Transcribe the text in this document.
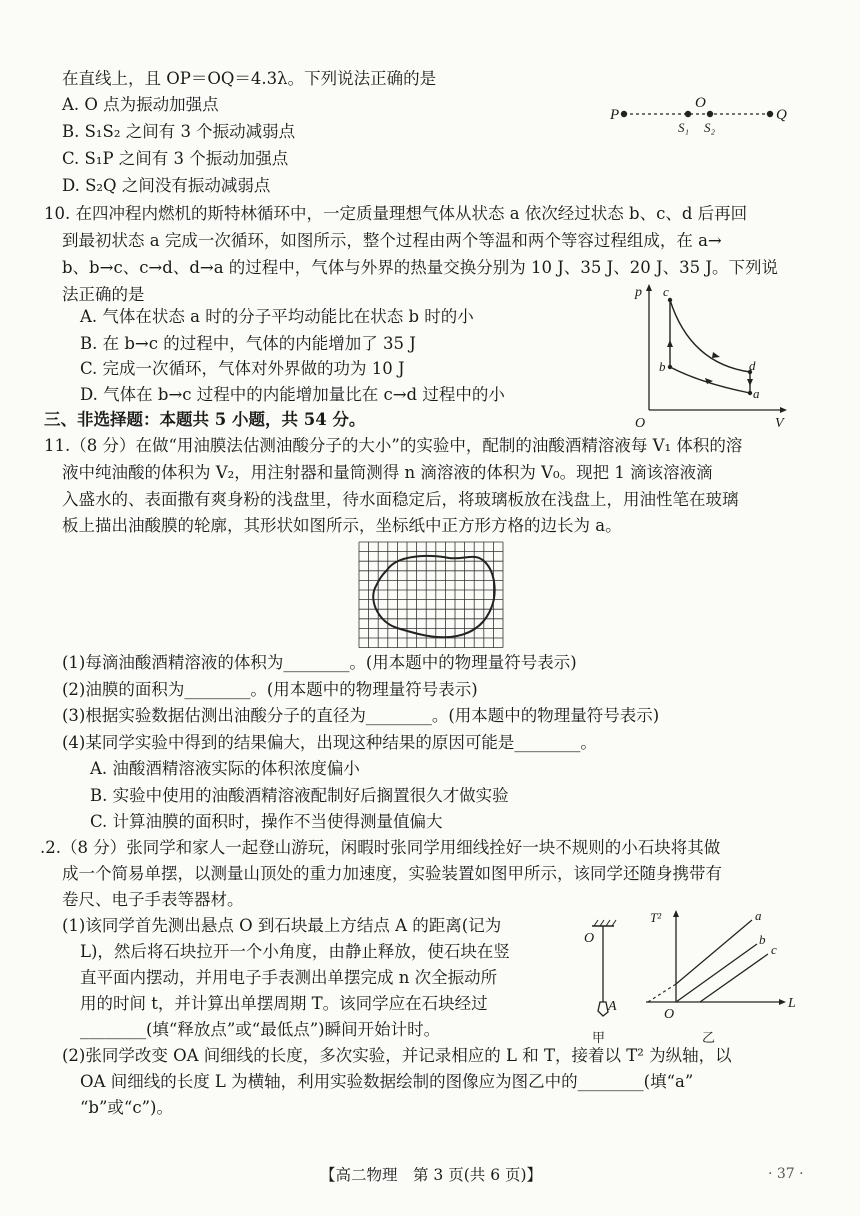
在直线上，且 OP＝OQ＝4.3λ。下列说法正确的是
A. O 点为振动加强点
B. S₁S₂ 之间有 3 个振动减弱点
C. S₁P 之间有 3 个振动加强点
D. S₂Q 之间没有振动减弱点
P
O
Q
S₁ S₂
10. 在四冲程内燃机的斯特林循环中，一定质量理想气体从状态 a 依次经过状态 b、c、d 后再回
到最初状态 a 完成一次循环，如图所示，整个过程由两个等温和两个等容过程组成，在 a→
b、b→c、c→d、d→a 的过程中，气体与外界的热量交换分别为 10 J、35 J、20 J、35 J。下列说
法正确的是
A. 气体在状态 a 时的分子平均动能比在状态 b 时的小
B. 在 b→c 的过程中，气体的内能增加了 35 J
C. 完成一次循环，气体对外界做的功为 10 J
D. 气体在 b→c 过程中的内能增加量比在 c→d 过程中的小
p
V
O
c
b	d
a
三、非选择题：本题共 5 小题，共 54 分。
11.（8 分）在做“用油膜法估测油酸分子的大小”的实验中，配制的油酸酒精溶液每 V₁ 体积的溶
液中纯油酸的体积为 V₂，用注射器和量筒测得 n 滴溶液的体积为 V₀。现把 1 滴该溶液滴
入盛水的、表面撒有爽身粉的浅盘里，待水面稳定后，将玻璃板放在浅盘上，用油性笔在玻璃
板上描出油酸膜的轮廓，其形状如图所示，坐标纸中正方形方格的边长为 a。
(1)每滴油酸酒精溶液的体积为________。(用本题中的物理量符号表示)
(2)油膜的面积为________。(用本题中的物理量符号表示)
(3)根据实验数据估测出油酸分子的直径为________。(用本题中的物理量符号表示)
(4)某同学实验中得到的结果偏大，出现这种结果的原因可能是________。
A. 油酸酒精溶液实际的体积浓度偏小
B. 实验中使用的油酸酒精溶液配制好后搁置很久才做实验
C. 计算油膜的面积时，操作不当使得测量值偏大
.2.（8 分）张同学和家人一起登山游玩，闲暇时张同学用细线拴好一块不规则的小石块将其做
成一个简易单摆，以测量山顶处的重力加速度，实验装置如图甲所示，该同学还随身携带有
卷尺、电子手表等器材。
(1)该同学首先测出悬点 O 到石块最上方结点 A 的距离(记为
L)，然后将石块拉开一个小角度，由静止释放，使石块在竖
直平面内摆动，并用电子手表测出单摆完成 n 次全振动所
用的时间 t，并计算出单摆周期 T。该同学应在石块经过
________(填“释放点”或“最低点”)瞬间开始计时。
(2)张同学改变 OA 间细线的长度，多次实验，并记录相应的 L 和 T，接着以 T² 为纵轴，以
OA 间细线的长度 L 为横轴，利用实验数据绘制的图像应为图乙中的________(填“a”
“b”或“c”)。
O
A
甲
T²
L
O
a
b
c
乙
【高二物理　第 3 页(共 6 页)】	· 37 ·
